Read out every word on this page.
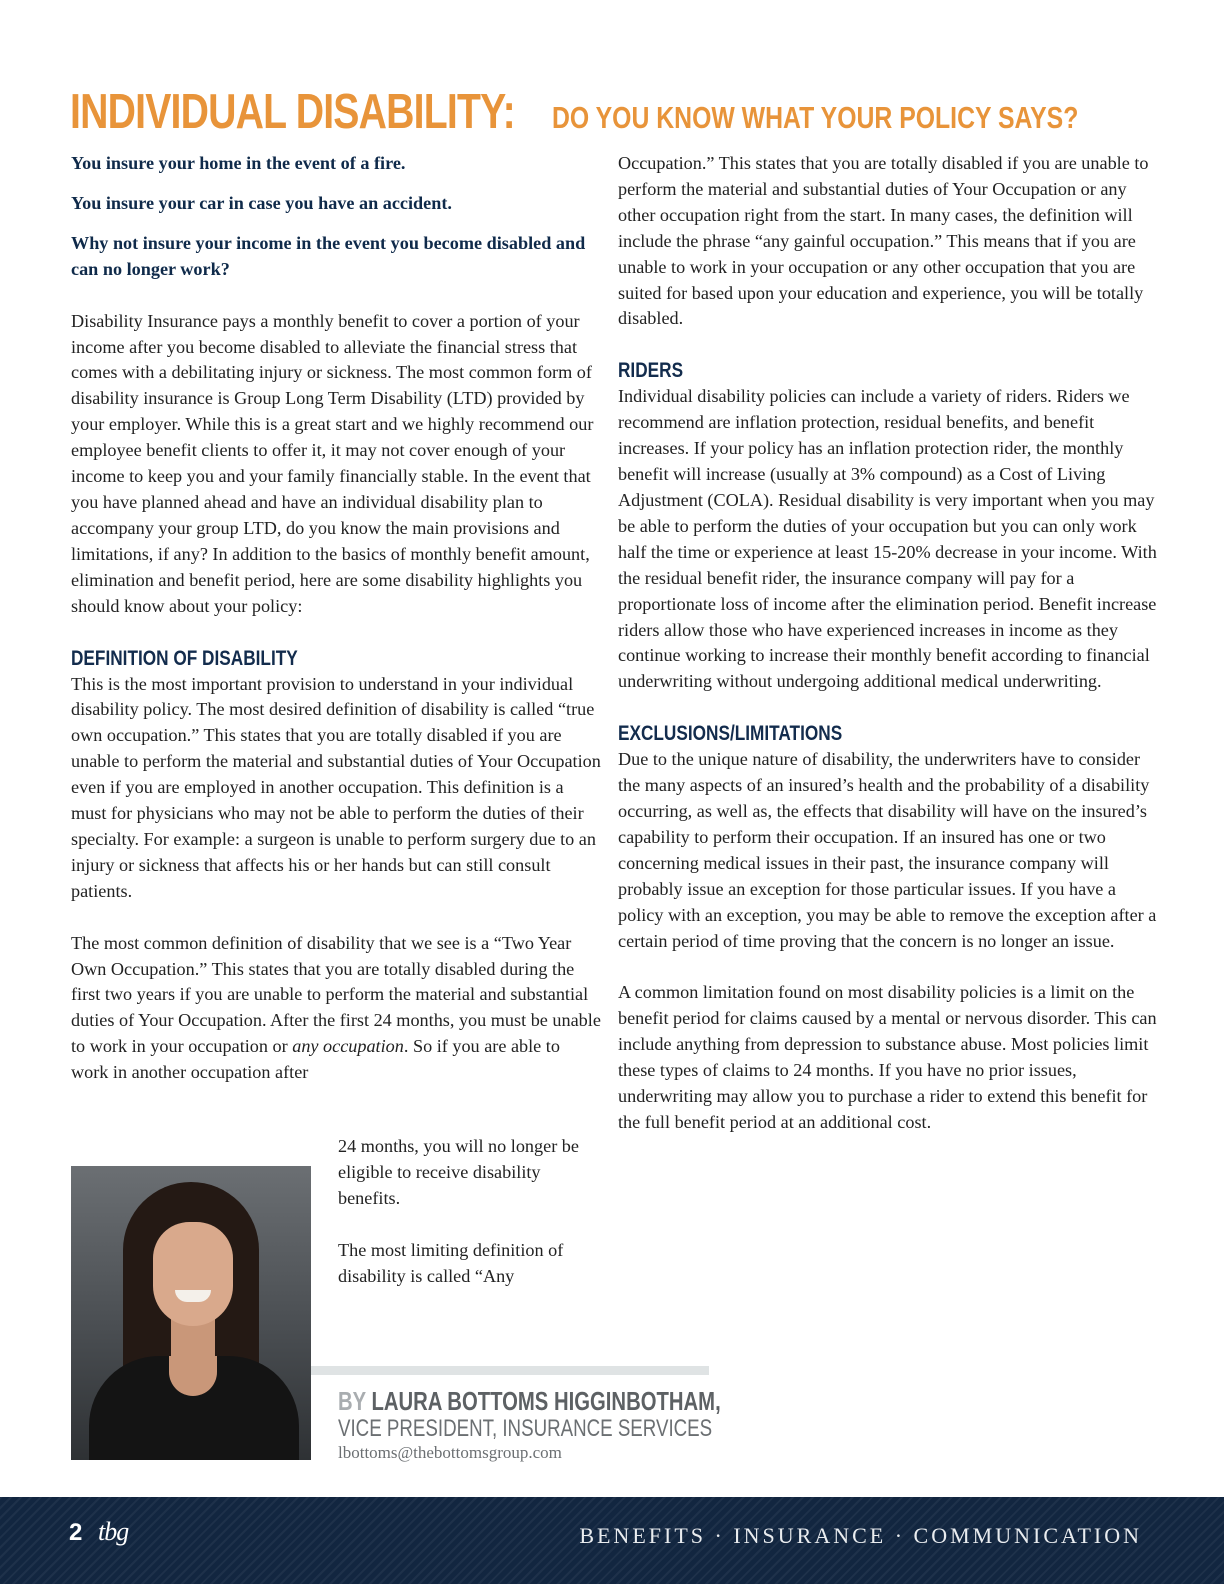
INDIVIDUAL DISABILITY: DO YOU KNOW WHAT YOUR POLICY SAYS?
You insure your home in the event of a fire.
You insure your car in case you have an accident.
Why not insure your income in the event you become disabled and can no longer work?

Disability Insurance pays a monthly benefit to cover a portion of your income after you become disabled to alleviate the financial stress that comes with a debilitating injury or sickness. The most common form of disability insurance is Group Long Term Disability (LTD) provided by your employer. While this is a great start and we highly recommend our employee benefit clients to offer it, it may not cover enough of your income to keep you and your family financially stable. In the event that you have planned ahead and have an individual disability plan to accompany your group LTD, do you know the main provisions and limitations, if any? In addition to the basics of monthly benefit amount, elimination and benefit period, here are some disability highlights you should know about your policy:

DEFINITION OF DISABILITY

This is the most important provision to understand in your individual disability policy. The most desired definition of disability is called “true own occupation.” This states that you are totally disabled if you are unable to perform the material and substantial duties of Your Occupation even if you are employed in another occupation. This definition is a must for physicians who may not be able to perform the duties of their specialty. For example: a surgeon is unable to perform surgery due to an injury or sickness that affects his or her hands but can still consult patients.

The most common definition of disability that we see is a “Two Year Own Occupation.” This states that you are totally disabled during the first two years if you are unable to perform the material and substantial duties of Your Occupation. After the first 24 months, you must be unable to work in your occupation or any occupation. So if you are able to work in another occupation after

24 months, you will no longer be eligible to receive disability benefits.

The most limiting definition of disability is called “Any

BY LAURA BOTTOMS HIGGINBOTHAM,
VICE PRESIDENT, INSURANCE SERVICES
lbottoms@thebottomsgroup.com

Occupation.” This states that you are totally disabled if you are unable to perform the material and substantial duties of Your Occupation or any other occupation right from the start. In many cases, the definition will include the phrase “any gainful occupation.” This means that if you are unable to work in your occupation or any other occupation that you are suited for based upon your education and experience, you will be totally disabled.

RIDERS

Individual disability policies can include a variety of riders. Riders we recommend are inflation protection, residual benefits, and benefit increases. If your policy has an inflation protection rider, the monthly benefit will increase (usually at 3% compound) as a Cost of Living Adjustment (COLA). Residual disability is very important when you may be able to perform the duties of your occupation but you can only work half the time or experience at least 15-20% decrease in your income. With the residual benefit rider, the insurance company will pay for a proportionate loss of income after the elimination period. Benefit increase riders allow those who have experienced increases in income as they continue working to increase their monthly benefit according to financial underwriting without undergoing additional medical underwriting.

EXCLUSIONS/LIMITATIONS

Due to the unique nature of disability, the underwriters have to consider the many aspects of an insured’s health and the probability of a disability occurring, as well as, the effects that disability will have on the insured’s capability to perform their occupation. If an insured has one or two concerning medical issues in their past, the insurance company will probably issue an exception for those particular issues. If you have a policy with an exception, you may be able to remove the exception after a certain period of time proving that the concern is no longer an issue.

A common limitation found on most disability policies is a limit on the benefit period for claims caused by a mental or nervous disorder. This can include anything from depression to substance abuse. Most policies limit these types of claims to 24 months. If you have no prior issues, underwriting may allow you to purchase a rider to extend this benefit for the full benefit period at an additional cost.

2 tbg	BENEFITS · INSURANCE · COMMUNICATION
